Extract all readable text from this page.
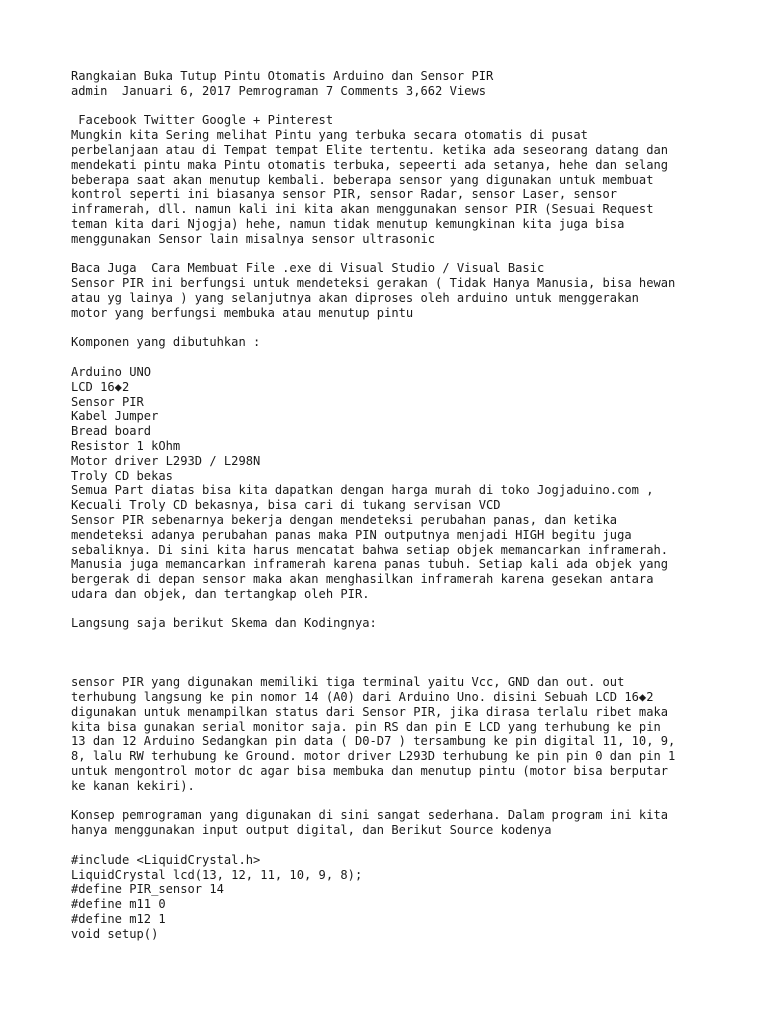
Rangkaian Buka Tutup Pintu Otomatis Arduino dan Sensor PIR
admin  Januari 6, 2017 Pemrograman 7 Comments 3,662 Views
Facebook Twitter Google + Pinterest
Mungkin kita Sering melihat Pintu yang terbuka secara otomatis di pusat
perbelanjaan atau di Tempat tempat Elite tertentu. ketika ada seseorang datang dan
mendekati pintu maka Pintu otomatis terbuka, sepeerti ada setanya, hehe dan selang
beberapa saat akan menutup kembali. beberapa sensor yang digunakan untuk membuat
kontrol seperti ini biasanya sensor PIR, sensor Radar, sensor Laser, sensor
inframerah, dll. namun kali ini kita akan menggunakan sensor PIR (Sesuai Request
teman kita dari Njogja) hehe, namun tidak menutup kemungkinan kita juga bisa
menggunakan Sensor lain misalnya sensor ultrasonic
Baca Juga  Cara Membuat File .exe di Visual Studio / Visual Basic
Sensor PIR ini berfungsi untuk mendeteksi gerakan ( Tidak Hanya Manusia, bisa hewan
atau yg lainya ) yang selanjutnya akan diproses oleh arduino untuk menggerakan
motor yang berfungsi membuka atau menutup pintu
Komponen yang dibutuhkan :
Arduino UNO
LCD 16◆2
Sensor PIR
Kabel Jumper
Bread board
Resistor 1 kOhm
Motor driver L293D / L298N
Troly CD bekas
Semua Part diatas bisa kita dapatkan dengan harga murah di toko Jogjaduino.com ,
Kecuali Troly CD bekasnya, bisa cari di tukang servisan VCD
Sensor PIR sebenarnya bekerja dengan mendeteksi perubahan panas, dan ketika
mendeteksi adanya perubahan panas maka PIN outputnya menjadi HIGH begitu juga
sebaliknya. Di sini kita harus mencatat bahwa setiap objek memancarkan inframerah.
Manusia juga memancarkan inframerah karena panas tubuh. Setiap kali ada objek yang
bergerak di depan sensor maka akan menghasilkan inframerah karena gesekan antara
udara dan objek, dan tertangkap oleh PIR.
Langsung saja berikut Skema dan Kodingnya:
sensor PIR yang digunakan memiliki tiga terminal yaitu Vcc, GND dan out. out
terhubung langsung ke pin nomor 14 (A0) dari Arduino Uno. disini Sebuah LCD 16◆2
digunakan untuk menampilkan status dari Sensor PIR, jika dirasa terlalu ribet maka
kita bisa gunakan serial monitor saja. pin RS dan pin E LCD yang terhubung ke pin
13 dan 12 Arduino Sedangkan pin data ( D0-D7 ) tersambung ke pin digital 11, 10, 9,
8, lalu RW terhubung ke Ground. motor driver L293D terhubung ke pin pin 0 dan pin 1
untuk mengontrol motor dc agar bisa membuka dan menutup pintu (motor bisa berputar
ke kanan kekiri).
Konsep pemrograman yang digunakan di sini sangat sederhana. Dalam program ini kita
hanya menggunakan input output digital, dan Berikut Source kodenya
#include <LiquidCrystal.h>
LiquidCrystal lcd(13, 12, 11, 10, 9, 8);
#define PIR_sensor 14
#define m11 0
#define m12 1
void setup()
